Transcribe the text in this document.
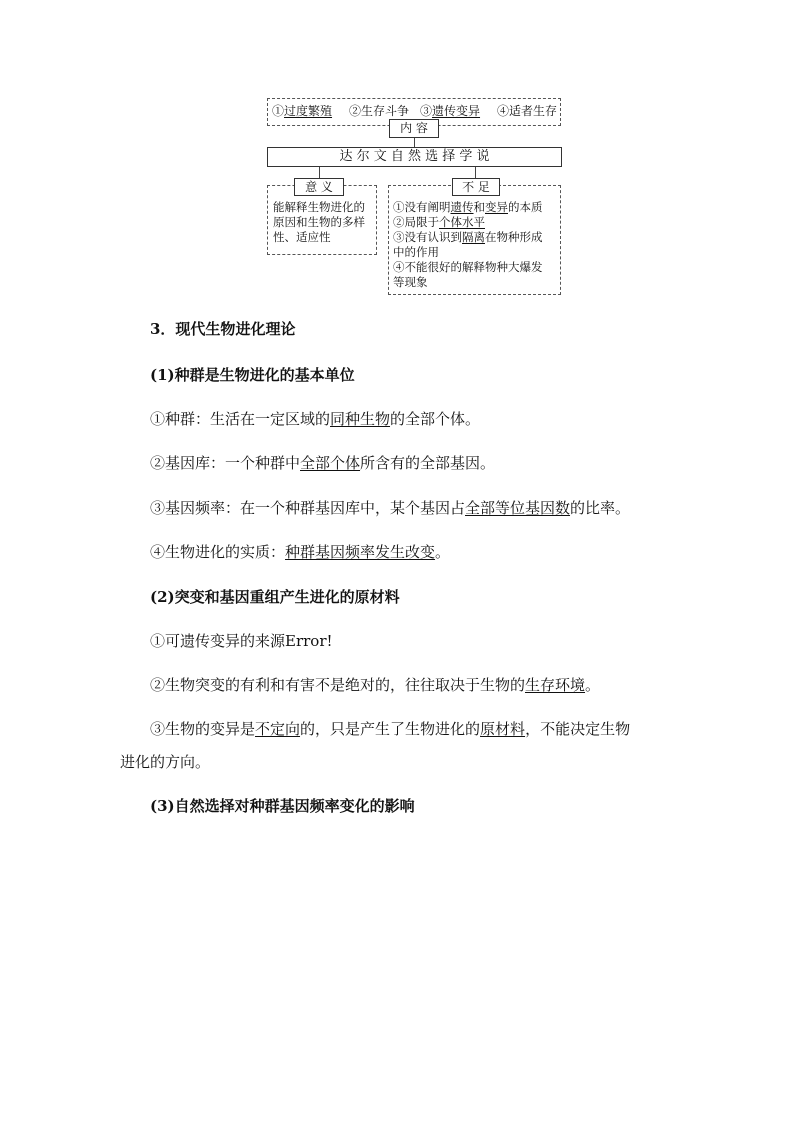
①过度繁殖 ②生存斗争 ③遗传变异 ④适者生存
内 容
达 尔 文 自 然 选 择 学 说
意 义
能解释生物进化的
原因和生物的多样
性、适应性
不 足
①没有阐明遗传和变异的本质
②局限于个体水平
③没有认识到隔离在物种形成
中的作用
④不能很好的解释物种大爆发
等现象
3．现代生物进化理论
(1)种群是生物进化的基本单位
①种群：生活在一定区域的同种生物的全部个体。
②基因库：一个种群中全部个体所含有的全部基因。
③基因频率：在一个种群基因库中，某个基因占全部等位基因数的比率。
④生物进化的实质：种群基因频率发生改变。
(2)突变和基因重组产生进化的原材料
①可遗传变异的来源Error!
②生物突变的有利和有害不是绝对的，往往取决于生物的生存环境。
③生物的变异是不定向的，只是产生了生物进化的原材料，不能决定生物
进化的方向。
(3)自然选择对种群基因频率变化的影响
